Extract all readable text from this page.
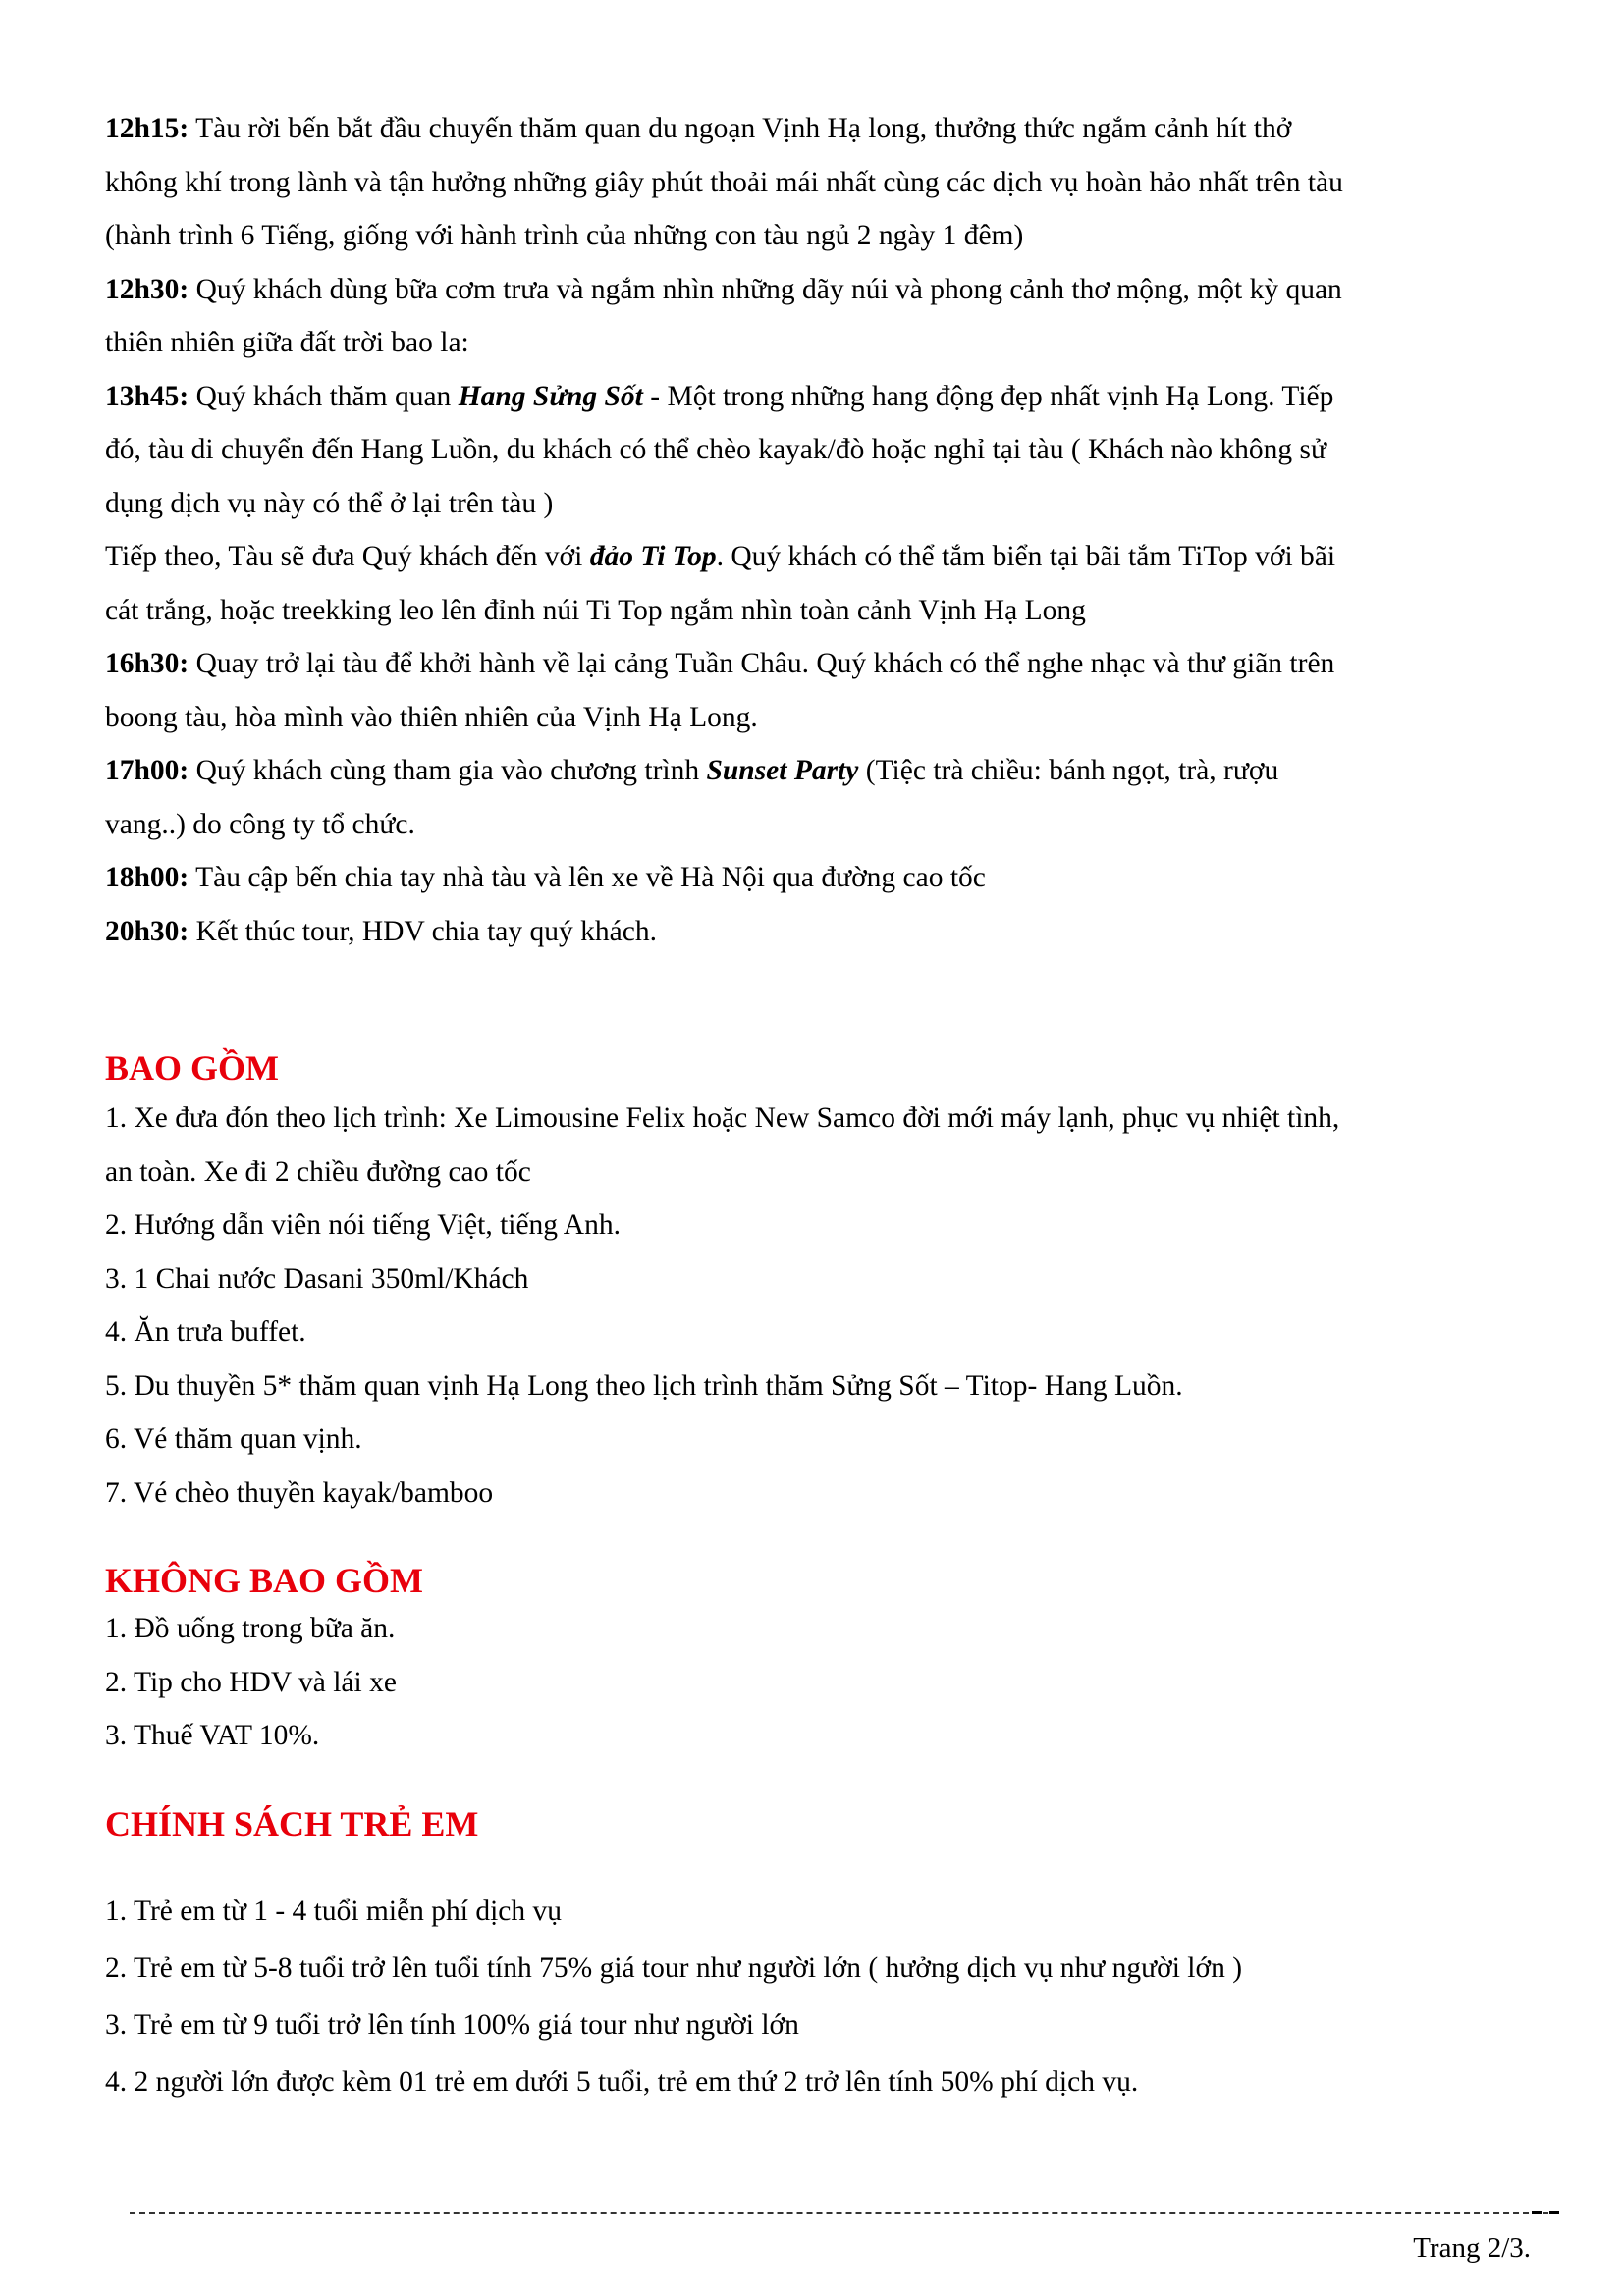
12h15: Tàu rời bến bắt đầu chuyến thăm quan du ngoạn Vịnh Hạ long, thưởng thức ngắm cảnh hít thở
không khí trong lành và tận hưởng những giây phút thoải mái nhất cùng các dịch vụ hoàn hảo nhất trên tàu
(hành trình 6 Tiếng, giống với hành trình của những con tàu ngủ 2 ngày 1 đêm)
12h30: Quý khách dùng bữa cơm trưa và ngắm nhìn những dãy núi và phong cảnh thơ mộng, một kỳ quan
thiên nhiên giữa đất trời bao la:
13h45: Quý khách thăm quan Hang Sửng Sốt - Một trong những hang động đẹp nhất vịnh Hạ Long. Tiếp
đó, tàu di chuyển đến Hang Luồn, du khách có thể chèo kayak/đò hoặc nghỉ tại tàu ( Khách nào không sử
dụng dịch vụ này có thể ở lại trên tàu )
Tiếp theo, Tàu sẽ đưa Quý khách đến với đảo Ti Top. Quý khách có thể tắm biển tại bãi tắm TiTop với bãi
cát trắng, hoặc treekking leo lên đỉnh núi Ti Top ngắm nhìn toàn cảnh Vịnh Hạ Long
16h30: Quay trở lại tàu để khởi hành về lại cảng Tuần Châu. Quý khách có thể nghe nhạc và thư giãn trên
boong tàu, hòa mình vào thiên nhiên của Vịnh Hạ Long.
17h00: Quý khách cùng tham gia vào chương trình Sunset Party (Tiệc trà chiều: bánh ngọt, trà, rượu
vang..) do công ty tổ chức.
18h00: Tàu cập bến chia tay nhà tàu và lên xe về Hà Nội qua đường cao tốc
20h30: Kết thúc tour, HDV chia tay quý khách.
BAO GỒM
1. Xe đưa đón theo lịch trình: Xe Limousine Felix hoặc New Samco đời mới máy lạnh, phục vụ nhiệt tình,
an toàn. Xe đi 2 chiều đường cao tốc
2. Hướng dẫn viên nói tiếng Việt, tiếng Anh.
3. 1 Chai nước Dasani 350ml/Khách
4. Ăn trưa buffet.
5. Du thuyền 5* thăm quan vịnh Hạ Long theo lịch trình thăm Sửng Sốt – Titop- Hang Luồn.
6. Vé thăm quan vịnh.
7. Vé chèo thuyền kayak/bamboo
KHÔNG BAO GỒM
1. Đồ uống trong bữa ăn.
2. Tip cho HDV và lái xe
3. Thuế VAT 10%.
CHÍNH SÁCH TRẺ EM
1. Trẻ em từ 1 - 4 tuổi miễn phí dịch vụ
2. Trẻ em từ 5-8 tuổi trở lên tuổi tính 75% giá tour như người lớn ( hưởng dịch vụ như người lớn )
3. Trẻ em từ 9 tuổi trở lên tính 100% giá tour như người lớn
4. 2 người lớn được kèm 01 trẻ em dưới 5 tuổi, trẻ em thứ 2 trở lên tính 50% phí dịch vụ.
Trang 2/3.
